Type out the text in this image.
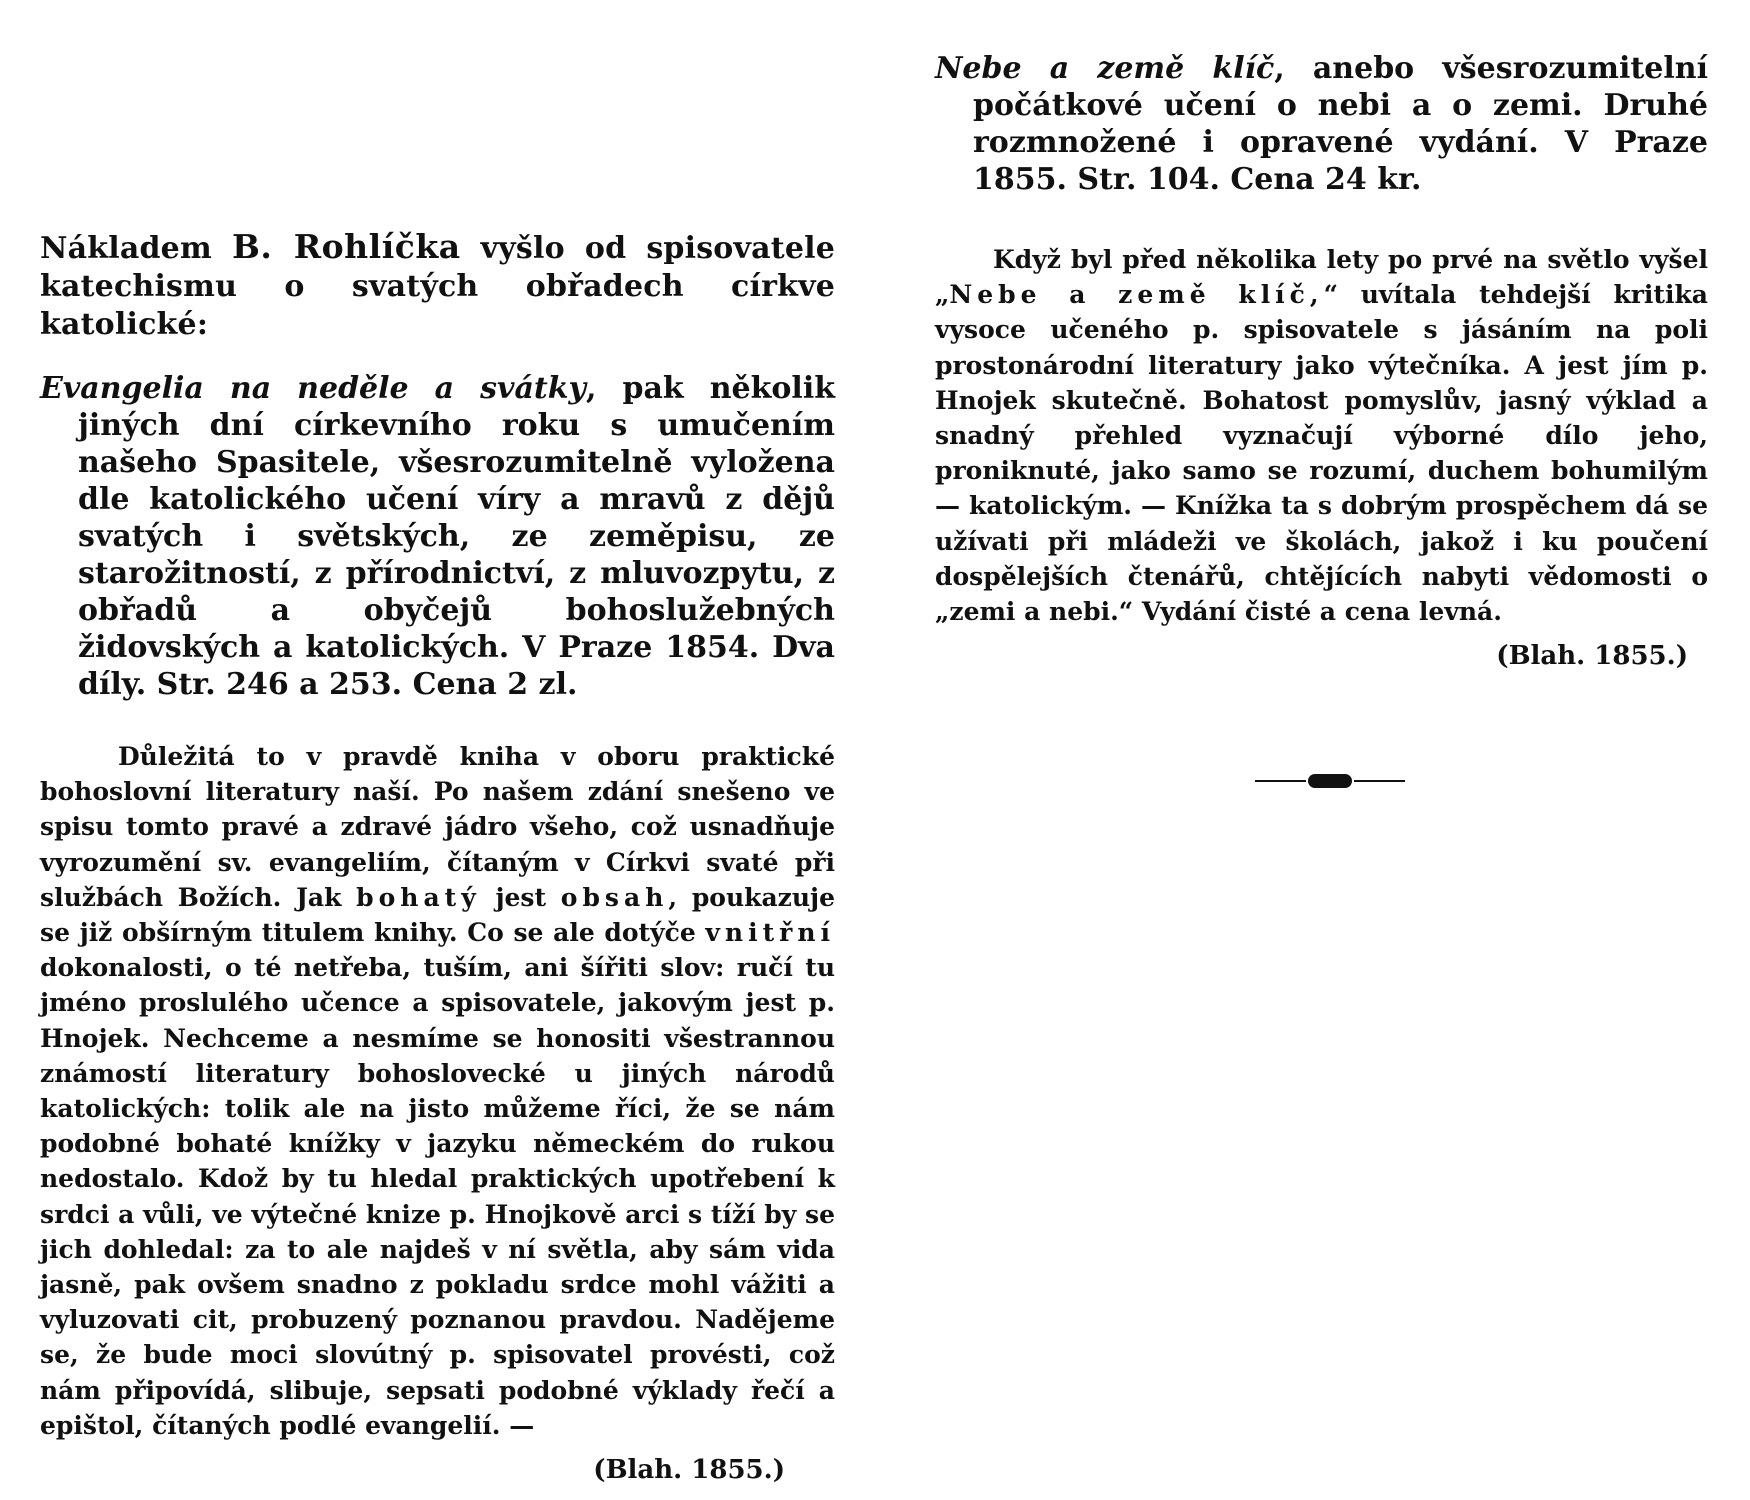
Nákladem B. Rohlíčka vyšlo od spisovatele katechismu o svatých obřadech církve katolické:

Evangelia na neděle a svátky, pak několik jiných dní církevního roku s umučením našeho Spasitele, všesrozumitelně vyložena dle katolického učení víry a mravů z dějů svatých i světských, ze zeměpisu, ze starožitností, z přírodnictví, z mluvozpytu, z obřadů a obyčejů bohoslužebných židovských a katolických. V Praze 1854. Dva díly. Str. 246 a 253. Cena 2 zl.

Důležitá to v pravdě kniha v oboru praktické bohoslovní literatury naší. Po našem zdání snešeno ve spisu tomto pravé a zdravé jádro všeho, což usnadňuje vyrozumění sv. evangeliím, čítaným v Církvi svaté při službách Božích. Jak bohatý jest obsah, poukazuje se již obšírným titulem knihy. Co se ale dotýče vnitřní dokonalosti, o té netřeba, tuším, ani šířiti slov: ručí tu jméno proslulého učence a spisovatele, jakovým jest p. Hnojek. Nechceme a nesmíme se honositi všestrannou známostí literatury bohoslovecké u jiných národů katolických: tolik ale na jisto můžeme říci, že se nám podobné bohaté knížky v jazyku německém do rukou nedostalo. Kdož by tu hledal praktických upotřebení k srdci a vůli, ve výtečné knize p. Hnojkově arci s tíží by se jich dohledal: za to ale najdeš v ní světla, aby sám vida jasně, pak ovšem snadno z pokladu srdce mohl vážiti a vyluzovati cit, probuzený poznanou pravdou. Nadějeme se, že bude moci slovútný p. spisovatel provésti, což nám připovídá, slibuje, sepsati podobné výklady řečí a epištol, čítaných podlé evangelií. —

(Blah. 1855.)

Nebe a země klíč, anebo všesrozumitelní počátkové učení o nebi a o zemi. Druhé rozmnožené i opravené vydání. V Praze 1855. Str. 104. Cena 24 kr.

Když byl před několika lety po prvé na světlo vyšel „Nebe a země klíč,“ uvítala tehdejší kritika vysoce učeného p. spisovatele s jásáním na poli prostonárodní literatury jako výtečníka. A jest jím p. Hnojek skutečně. Bohatost pomyslův, jasný výklad a snadný přehled vyznačují výborné dílo jeho, proniknuté, jako samo se rozumí, duchem bohumilým — katolickým. — Knížka ta s dobrým prospěchem dá se užívati při mládeži ve školách, jakož i ku poučení dospělejších čtenářů, chtějících nabyti vědomosti o „zemi a nebi.“ Vydání čisté a cena levná.

(Blah. 1855.)
